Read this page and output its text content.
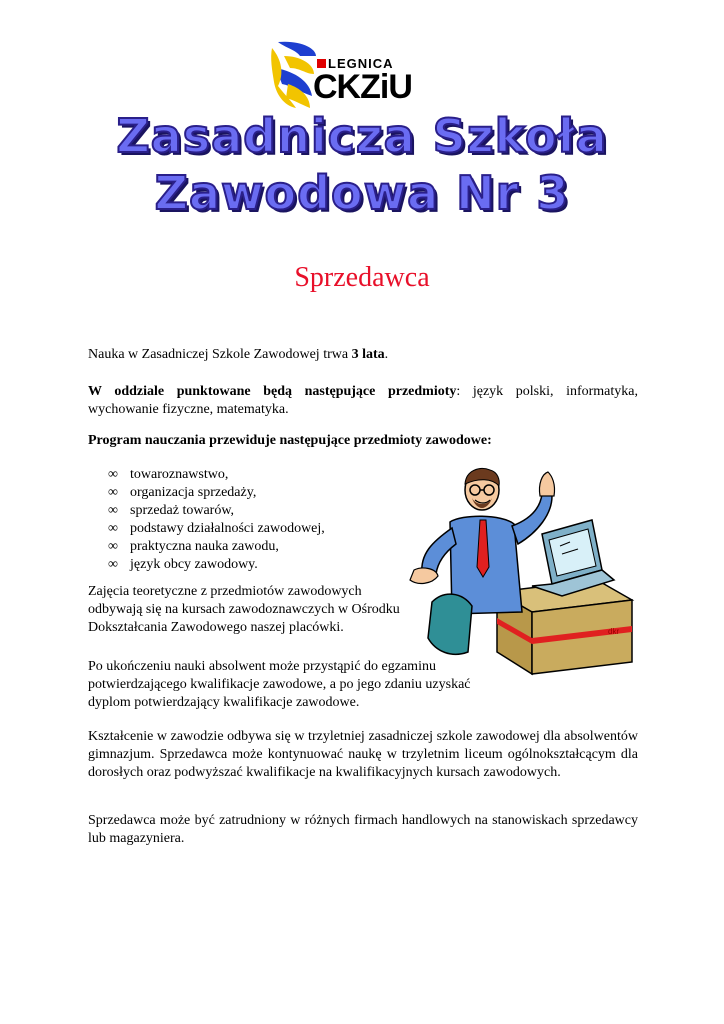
LEGNICA
CKZiU
Zasadnicza Szkoła
Zawodowa Nr 3
Sprzedawca
Nauka w Zasadniczej Szkole Zawodowej trwa 3 lata.
W oddziale punktowane będą następujące przedmioty: język polski, informatyka, wychowanie fizyczne, matematyka.
Program nauczania przewiduje następujące przedmioty zawodowe:
∞ towaroznawstwo,
∞ organizacja sprzedaży,
∞ sprzedaż towarów,
∞ podstawy działalności zawodowej,
∞ praktyczna nauka zawodu,
∞ język obcy zawodowy.
Zajęcia teoretyczne z przedmiotów zawodowych odbywają się na kursach zawodoznawczych w Ośrodku Dokształcania Zawodowego naszej placówki.
Po ukończeniu nauki absolwent może przystąpić do egzaminu potwierdzającego kwalifikacje zawodowe, a po jego zdaniu uzyskać dyplom potwierdzający kwalifikacje zawodowe.
Kształcenie w zawodzie odbywa się w trzyletniej zasadniczej szkole zawodowej dla absolwentów gimnazjum. Sprzedawca może kontynuować naukę w trzyletnim liceum ogólnokształcącym dla dorosłych oraz podwyższać kwalifikacje na kwalifikacyjnych kursach zawodowych.
Sprzedawca może być zatrudniony w różnych firmach handlowych na stanowiskach sprzedawcy lub magazyniera.
dkr
